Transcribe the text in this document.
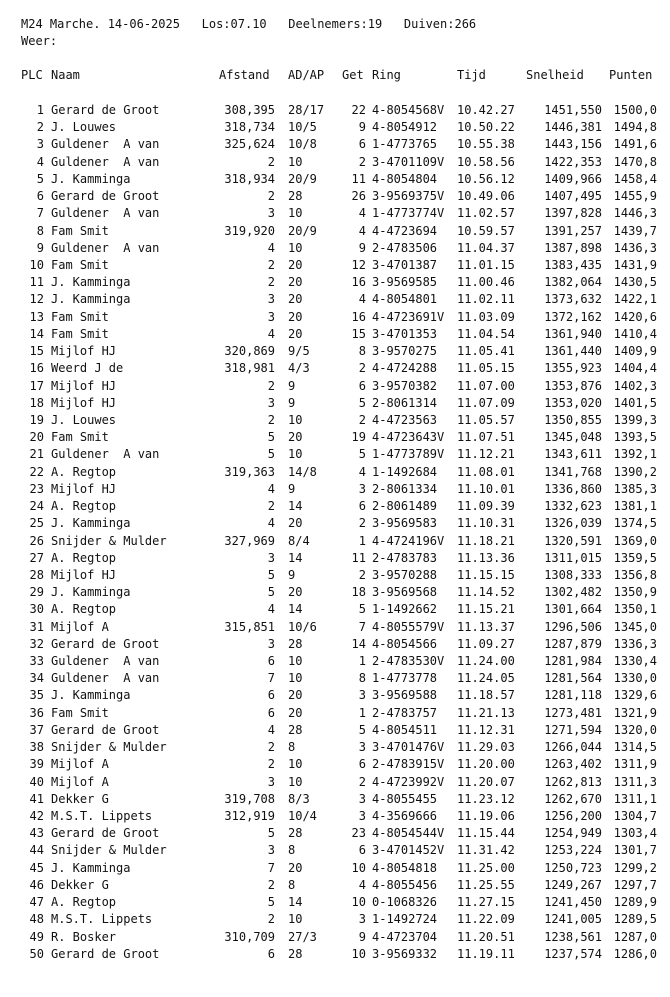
M24 Marche. 14-06-2025   Los:07.10   Deelnemers:19   Duiven:266
Weer:
PLC Naam	Afstand AD/AP Get Ring	Tijd	Snelheid Punten
1 Gerard de Groot	308,395 28/17	22 4-8054568V 10.42.27	1451,550 1500,0
2 J. Louwes	318,734 10/5	9 4-8054912 10.50.22	1446,381 1494,8
3 Guldener  A van	325,624 10/8	6 1-4773765 10.55.38	1443,156 1491,6
4 Guldener  A van	2 10	2 3-4701109V 10.58.56	1422,353 1470,8
5 J. Kamminga	318,934 20/9	11 4-8054804 10.56.12	1409,966 1458,4
6 Gerard de Groot	2 28	26 3-9569375V 10.49.06	1407,495 1455,9
7 Guldener  A van	3 10	4 1-4773774V 11.02.57	1397,828 1446,3
8 Fam Smit	319,920 20/9	4 4-4723694 10.59.57	1391,257 1439,7
9 Guldener  A van	4 10	9 2-4783506 11.04.37	1387,898 1436,3
10 Fam Smit	2 20	12 3-4701387 11.01.15	1383,435 1431,9
11 J. Kamminga	2 20	16 3-9569585 11.00.46	1382,064 1430,5
12 J. Kamminga	3 20	4 4-8054801 11.02.11	1373,632 1422,1
13 Fam Smit	3 20	16 4-4723691V 11.03.09	1372,162 1420,6
14 Fam Smit	4 20	15 3-4701353 11.04.54	1361,940 1410,4
15 Mijlof HJ	320,869 9/5	8 3-9570275 11.05.41	1361,440 1409,9
16 Weerd J de	318,981 4/3	2 4-4724288 11.05.15	1355,923 1404,4
17 Mijlof HJ	2 9	6 3-9570382 11.07.00	1353,876 1402,3
18 Mijlof HJ	3 9	5 2-8061314 11.07.09	1353,020 1401,5
19 J. Louwes	2 10	2 4-4723563 11.05.57	1350,855 1399,3
20 Fam Smit	5 20	19 4-4723643V 11.07.51	1345,048 1393,5
21 Guldener  A van	5 10	5 1-4773789V 11.12.21	1343,611 1392,1
22 A. Regtop	319,363 14/8	4 1-1492684 11.08.01	1341,768 1390,2
23 Mijlof HJ	4 9	3 2-8061334 11.10.01	1336,860 1385,3
24 A. Regtop	2 14	6 2-8061489 11.09.39	1332,623 1381,1
25 J. Kamminga	4 20	2 3-9569583 11.10.31	1326,039 1374,5
26 Snijder & Mulder	327,969 8/4	1 4-4724196V 11.18.21	1320,591 1369,0
27 A. Regtop	3 14	11 2-4783783 11.13.36	1311,015 1359,5
28 Mijlof HJ	5 9	2 3-9570288 11.15.15	1308,333 1356,8
29 J. Kamminga	5 20	18 3-9569568 11.14.52	1302,482 1350,9
30 A. Regtop	4 14	5 1-1492662 11.15.21	1301,664 1350,1
31 Mijlof A	315,851 10/6	7 4-8055579V 11.13.37	1296,506 1345,0
32 Gerard de Groot	3 28	14 4-8054566 11.09.27	1287,879 1336,3
33 Guldener  A van	6 10	1 2-4783530V 11.24.00	1281,984 1330,4
34 Guldener  A van	7 10	8 1-4773778 11.24.05	1281,564 1330,0
35 J. Kamminga	6 20	3 3-9569588 11.18.57	1281,118 1329,6
36 Fam Smit	6 20	1 2-4783757 11.21.13	1273,481 1321,9
37 Gerard de Groot	4 28	5 4-8054511 11.12.31	1271,594 1320,0
38 Snijder & Mulder	2 8	3 3-4701476V 11.29.03	1266,044 1314,5
39 Mijlof A	2 10	6 2-4783915V 11.20.00	1263,402 1311,9
40 Mijlof A	3 10	2 4-4723992V 11.20.07	1262,813 1311,3
41 Dekker G	319,708 8/3	3 4-8055455 11.23.12	1262,670 1311,1
42 M.S.T. Lippets	312,919 10/4	3 4-3569666 11.19.06	1256,200 1304,7
43 Gerard de Groot	5 28	23 4-8054544V 11.15.44	1254,949 1303,4
44 Snijder & Mulder	3 8	6 3-4701452V 11.31.42	1253,224 1301,7
45 J. Kamminga	7 20	10 4-8054818 11.25.00	1250,723 1299,2
46 Dekker G	2 8	4 4-8055456 11.25.55	1249,267 1297,7
47 A. Regtop	5 14	10 0-1068326 11.27.15	1241,450 1289,9
48 M.S.T. Lippets	2 10	3 1-1492724 11.22.09	1241,005 1289,5
49 R. Bosker	310,709 27/3	9 4-4723704 11.20.51	1238,561 1287,0
50 Gerard de Groot	6 28	10 3-9569332 11.19.11	1237,574 1286,0
